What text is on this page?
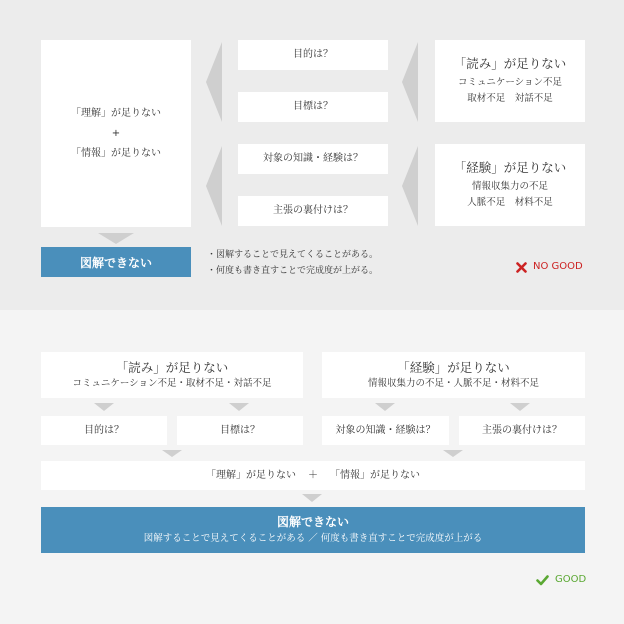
「理解」が足りない
+
「情報」が足りない
目的は？
目標は？
対象の知識・経験は？
主張の裏付けは？
「読み」が足りない
コミュニケーション不足
取材不足　対話不足
「経験」が足りない
情報収集力の不足
人脈不足　材料不足
図解できない
・図解することで見えてくることがある。
・何度も書き直すことで完成度が上がる。	NO GOOD
「読み」が足りない
コミュニケーション不足・取材不足・対話不足
「経験」が足りない
情報収集力の不足・人脈不足・材料不足
目的は？	目標は？	対象の知識・経験は？	主張の裏付けは？
「理解」が足りない ＋ 「情報」が足りない
図解できない
図解することで見えてくることがある ／ 何度も書き直すことで完成度が上がる
GOOD
